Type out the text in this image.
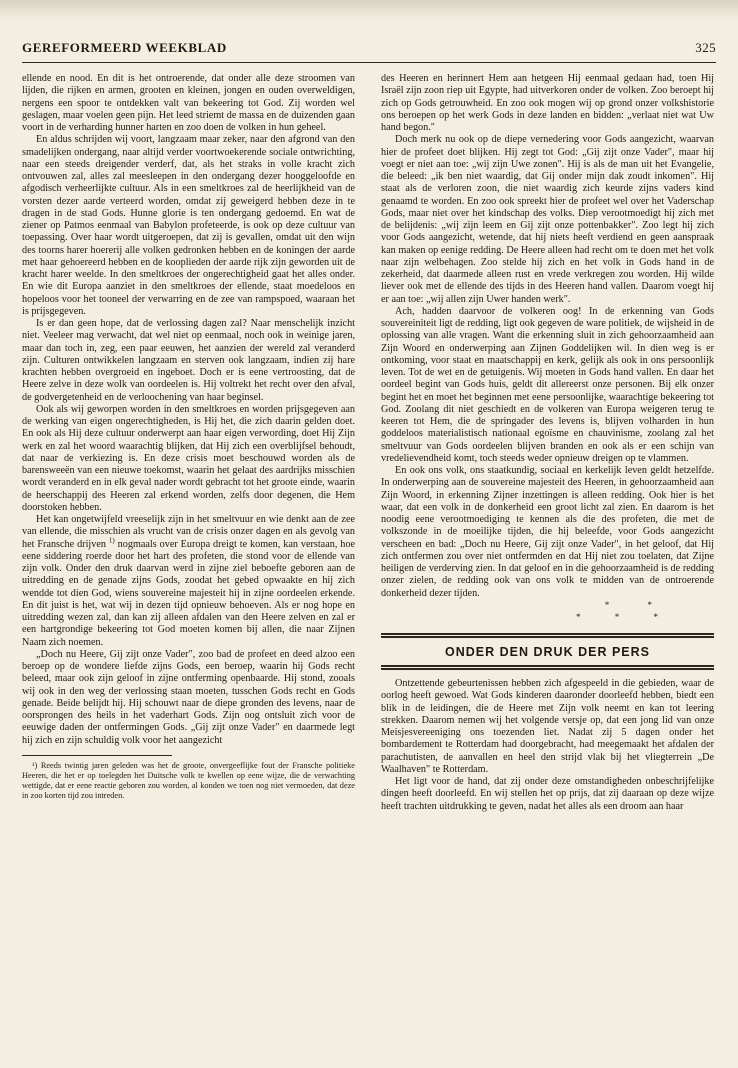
GEREFORMEERD WEEKBLAD	325

ellende en nood. En dit is het ontroerende, dat onder alle deze stroomen van lijden, die rijken en armen, grooten en kleinen, jongen en ouden overweldigen, nergens een spoor te ontdekken valt van bekeering tot God. Zij worden wel geslagen, maar voelen geen pijn. Het leed striemt de massa en de duizenden gaan voort in de verharding hunner harten en zoo doen de volken in hun geheel.

En aldus schrijden wij voort, langzaam maar zeker, naar den afgrond van den smadelijken ondergang, naar altijd verder voortwoekerende sociale ontwrichting, naar een steeds dreigender verderf, dat, als het straks in volle kracht zich ontvouwen zal, alles zal meesleepen in den ondergang dezer hooggeloofde en afgodisch verheerlijkte cultuur. Als in een smeltkroes zal de heerlijkheid van de vorsten dezer aarde verteerd worden, omdat zij geweigerd hebben deze in te dragen in de stad Gods. Hunne glorie is ten ondergang gedoemd. En wat de ziener op Patmos eenmaal van Babylon profeteerde, is ook op deze cultuur van toepassing. Over haar wordt uitgeroepen, dat zij is gevallen, omdat uit den wijn des toorns harer hoererij alle volken gedronken hebben en de koningen der aarde met haar gehoereerd hebben en de kooplieden der aarde rijk zijn geworden uit de kracht harer weelde. In den smeltkroes der ongerechtigheid gaat het alles onder. En wie dit Europa aanziet in den smeltkroes der ellende, staat moedeloos en hopeloos voor het tooneel der verwarring en de zee van rampspoed, waaraan het is prijsgegeven.

Is er dan geen hope, dat de verlossing dagen zal? Naar menschelijk inzicht niet. Veeleer mag verwacht, dat wel niet op eenmaal, noch ook in weinige jaren, maar dan toch in, zeg, een paar eeuwen, het aanzien der wereld zal veranderd zijn. Culturen ontwikkelen langzaam en sterven ook langzaam, indien zij hare krachten hebben overgroeid en ingeboet. Doch er is eene vertroosting, dat de Heere zelve in deze wolk van oordeelen is. Hij voltrekt het recht over den afval, de godvergetenheid en de verloochening van haar beginsel.

Ook als wij geworpen worden in den smeltkroes en worden prijsgegeven aan de werking van eigen ongerechtigheden, is Hij het, die zich daarin gelden doet. En ook als Hij deze cultuur onderwerpt aan haar eigen verwording, doet Hij Zijn werk en zal het woord waarachtig blijken, dat Hij zich een overblijfsel behoudt, dat naar de verkiezing is. En deze crisis moet beschouwd worden als de barensweeën van een nieuwe toekomst, waarin het gelaat des aardrijks misschien wordt veranderd en in elk geval nader wordt gebracht tot het groote einde, waarin de heerschappij des Heeren zal erkend worden, zelfs door degenen, die Hem doorstoken hebben.

Het kan ongetwijfeld vreeselijk zijn in het smeltvuur en wie denkt aan de zee van ellende, die misschien als vrucht van de crisis onzer dagen en als gevolg van het Fransche drijven $^{1)}$ nogmaals over Europa dreigt te komen, kan verstaan, hoe eene siddering roerde door het hart des profeten, die stond voor de ellende van zijn volk. Onder den druk daarvan werd in zijne ziel beboefte geboren aan de uitredding en de genade zijns Gods, zoodat het gebed opwaakte en hij zich wendde tot dien God, wiens souvereine majesteit hij in zijne oordeelen erkende. En dit juist is het, wat wij in dezen tijd opnieuw behoeven. Als er nog hope en uitredding wezen zal, dan kan zij alleen afdalen van den Heere zelven en zal er een hartgrondige bekeering tot God moeten komen bij allen, die naar Zijnen Naam zich noemen.

„Doch nu Heere, Gij zijt onze Vader", zoo bad de profeet en deed alzoo een beroep op de wondere liefde zijns Gods, een beroep, waarin hij Gods recht beleed, maar ook zijn geloof in zijne ontferming openbaarde. Hij stond, zooals wij ook in den weg der verlossing staan moeten, tusschen Gods recht en Gods genade. Beide belijdt hij. Hij schouwt naar de diepe gronden des levens, naar de oorsprongen des heils in het vaderhart Gods. Zijn oog ontsluit zich voor de eeuwige daden der ontfermingen Gods. „Gij zijt onze Vader" en daarmede legt hij zich en zijn schuldig volk voor het aangezicht

¹) Reeds twintig jaren geleden was het de groote, onvergeeflijke fout der Fransche politieke Heeren, die het er op toelegden het Duitsche volk te kwellen op eene wijze, die de verwachting wettigde, dat er eene reactie geboren zou worden, al konden we toen nog niet vermoeden, dat deze in zoo korten tijd zou intreden.

des Heeren en herinnert Hem aan hetgeen Hij eenmaal gedaan had, toen Hij Israël zijn zoon riep uit Egypte, had uitverkoren onder de volken. Zoo beroept hij zich op Gods getrouwheid. En zoo ook mogen wij op grond onzer volkshistorie ons beroepen op het werk Gods in deze landen en bidden: „verlaat niet wat Uw hand begon."

Doch merk nu ook op de diepe vernedering voor Gods aangezicht, waarvan hier de profeet doet blijken. Hij zegt tot God: „Gij zijt onze Vader", maar hij voegt er niet aan toe: „wij zijn Uwe zonen". Hij is als de man uit het Evangelie, die beleed: „ik ben niet waardig, dat Gij onder mijn dak zoudt inkomen". Hij staat als de verloren zoon, die niet waardig zich keurde zijns vaders kind genaamd te worden. En zoo ook spreekt hier de profeet wel over het Vaderschap Gods, maar niet over het kindschap des volks. Diep verootmoedigt hij zich met de belijdenis: „wij zijn leem en Gij zijt onze pottenbakker". Zoo legt hij zich voor Gods aangezicht, wetende, dat hij niets heeft verdiend en geen aanspraak kan maken op eenige redding. De Heere alleen had recht om te doen met het volk naar zijn welbehagen. Zoo stelde hij zich en het volk in Gods hand in de zekerheid, dat daarmede alleen rust en vrede verkregen zou worden. Hij wilde liever ook met de ellende des tijds in des Heeren hand vallen. Daarom voegt hij er aan toe: „wij allen zijn Uwer handen werk".

Ach, hadden daarvoor de volkeren oog! In de erkenning van Gods souvereiniteit ligt de redding, ligt ook gegeven de ware politiek, de wijsheid in de oplossing van alle vragen. Want die erkenning sluit in zich gehoorzaamheid aan Zijn Woord en onderwerping aan Zijnen Goddelijken wil. In dien weg is er ontkoming, voor staat en maatschappij en kerk, gelijk als ook in ons persoonlijk leven. Tot de wet en de getuigenis. Wij moeten in Gods hand vallen. En daar het oordeel begint van Gods huis, geldt dit allereerst onze personen. Bij elk onzer begint het en moet het beginnen met eene persoonlijke, waarachtige bekeering tot God. Zoolang dit niet geschiedt en de volkeren van Europa weigeren terug te keeren tot Hem, die de springader des levens is, blijven volharden in hun goddeloos materialistisch nationaal egoïsme en chauvinisme, zoolang zal het smeltvuur van Gods oordeelen blijven branden en ook als er een schijn van vredelievendheid komt, toch steeds weder opnieuw dreigen op te vlammen.

En ook ons volk, ons staatkundig, sociaal en kerkelijk leven geldt hetzelfde. In onderwerping aan de souvereine majesteit des Heeren, in gehoorzaamheid aan Zijn Woord, in erkenning Zijner inzettingen is alleen redding. Ook hier is het waar, dat een volk in de donkerheid een groot licht zal zien. En daarom is het noodig eene verootmoediging te kennen als die des profeten, die met de volkszonde in de moeilijke tijden, die hij beleefde, voor Gods aangezicht verscheen en bad: „Doch nu Heere, Gij zijt onze Vader", in het geloof, dat Hij zich ontfermen zou over niet ontfermden en dat Hij niet zou toelaten, dat Zijne heiligen de verderving zien. In dat geloof en in die gehoorzaamheid is de redding onzer zielen, de redding ook van ons volk te midden van de ontroerende donkerheid dezer tijden.

* *
* * *
ONDER DEN DRUK DER PERS

Ontzettende gebeurtenissen hebben zich afgespeeld in die gebieden, waar de oorlog heeft gewoed. Wat Gods kinderen daaronder doorleefd hebben, biedt een blik in de leidingen, die de Heere met Zijn volk neemt en kan tot leering strekken. Daarom nemen wij het volgende versje op, dat een jong lid van onze Meisjesvereeniging ons toezenden liet. Nadat zij 5 dagen onder het bombardement te Rotterdam had doorgebracht, had meegemaakt het afdalen der parachutisten, de aanvallen en heel den strijd vlak bij het vliegterrein „De Waalhaven" te Rotterdam.

Het ligt voor de hand, dat zij onder deze omstandigheden onbeschrijfelijke dingen heeft doorleefd. En wij stellen het op prijs, dat zij daaraan op deze wijze heeft trachten uitdrukking te geven, nadat het alles als een droom aan haar
